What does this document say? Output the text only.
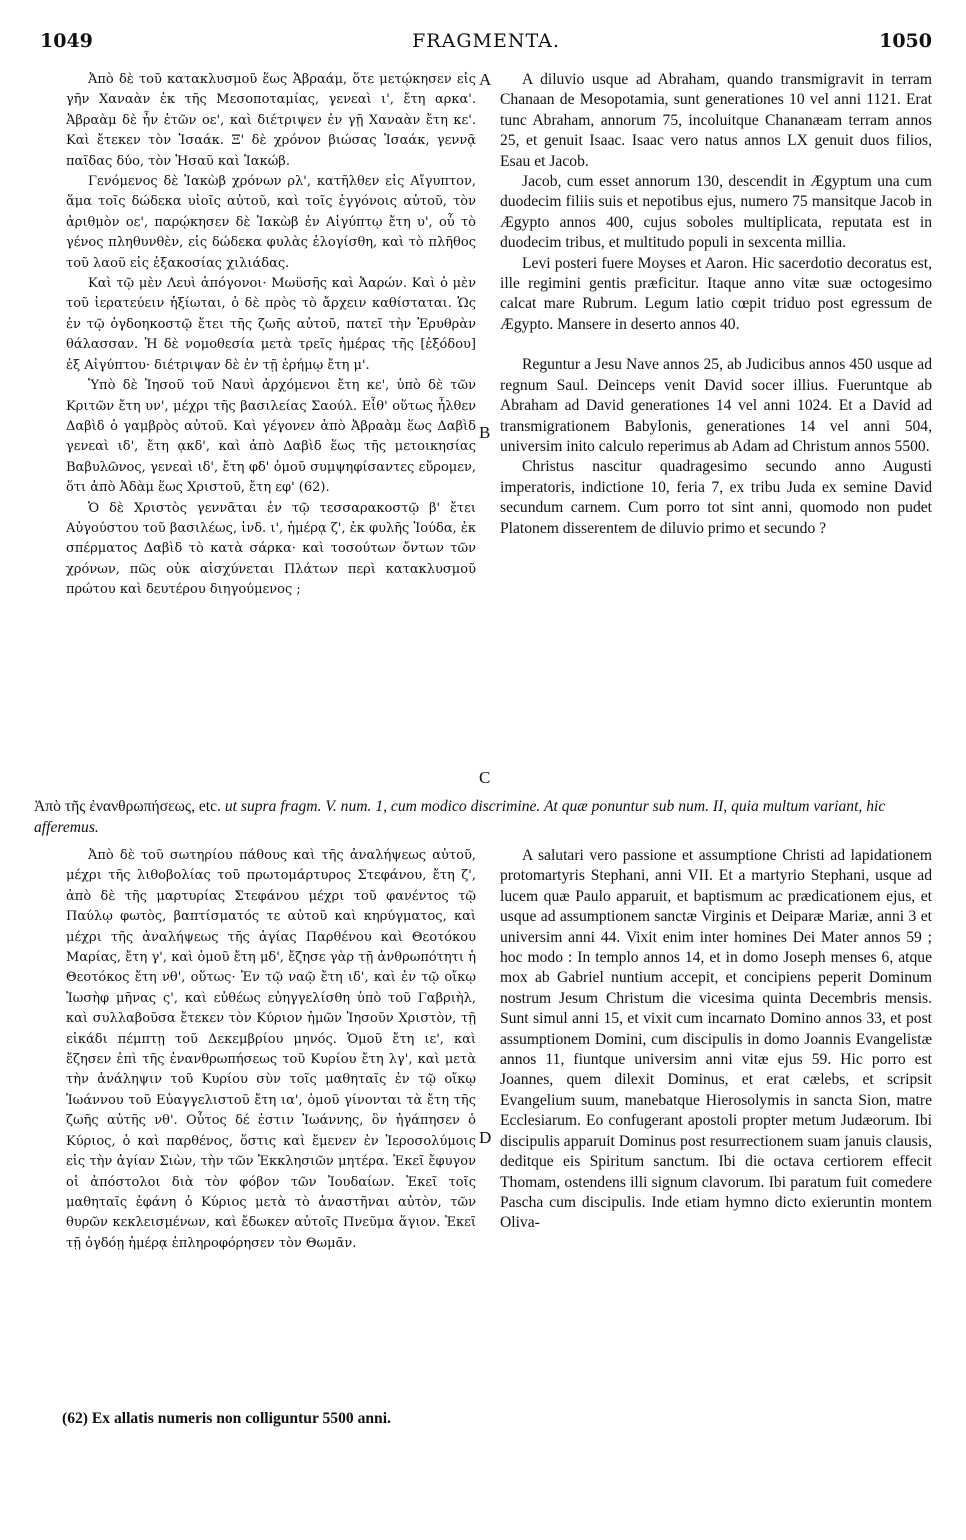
1049	FRAGMENTA.	1050

Ἀπὸ δὲ τοῦ κατακλυσμοῦ ἕως Ἀβραάμ, ὅτε μετῴκησεν εἰς γῆν Χαναὰν ἐκ τῆς Μεσοποταμίας, γενεαὶ ι', ἔτη αρκα'. Ἀβραὰμ δὲ ἦν ἐτῶν οε', καὶ διέτριψεν ἐν γῇ Χαναὰν ἔτη κε'. Καὶ ἔτεκεν τὸν Ἰσαάκ. Ξ' δὲ χρόνον βιώσας Ἰσαάκ, γεννᾷ παῖδας δύο, τὸν Ἡσαῦ καὶ Ἰακώβ.

Γενόμενος δὲ Ἰακὼβ χρόνων ρλ', κατῆλθεν εἰς Αἴγυπτον, ἅμα τοῖς δώδεκα υἱοῖς αὐτοῦ, καὶ τοῖς ἐγγόνοις αὐτοῦ, τὸν ἀριθμὸν οε', παρῴκησεν δὲ Ἰακὼβ ἐν Αἰγύπτῳ ἔτη υ', οὗ τὸ γένος πληθυνθὲν, εἰς δώδεκα φυλὰς ἐλογίσθη, καὶ τὸ πλῆθος τοῦ λαοῦ εἰς ἑξακοσίας χιλιάδας.

Καὶ τῷ μὲν Λευὶ ἀπόγονοι· Μωϋσῆς καὶ Ἀαρών. Καὶ ὁ μὲν τοῦ ἱερατεύειν ἠξίωται, ὁ δὲ πρὸς τὸ ἄρχειν καθίσταται. Ὡς ἐν τῷ ὀγδοηκοστῷ ἔτει τῆς ζωῆς αὐτοῦ, πατεῖ τὴν Ἐρυθρὰν θάλασσαν. Ἡ δὲ νομοθεσία μετὰ τρεῖς ἡμέρας τῆς [ἐξόδου] ἐξ Αἰγύπτου· διέτριψαν δὲ ἐν τῇ ἐρήμῳ ἔτη μ'.

Ὑπὸ δὲ Ἰησοῦ τοῦ Ναυὶ ἀρχόμενοι ἔτη κε', ὑπὸ δὲ τῶν Κριτῶν ἔτη υν', μέχρι τῆς βασιλείας Σαούλ. Εἶθ' οὕτως ἦλθεν Δαβὶδ ὁ γαμβρὸς αὐτοῦ. Καὶ γέγονεν ἀπὸ Ἀβραὰμ ἕως Δαβὶδ γενεαὶ ιδ', ἔτη ᾳκδ', καὶ ἀπὸ Δαβὶδ ἕως τῆς μετοικησίας Βαβυλῶνος, γενεαὶ ιδ', ἔτη φδ' ὁμοῦ συμψηφίσαντες εὕρομεν, ὅτι ἀπὸ Ἀδὰμ ἕως Χριστοῦ, ἔτη εφ' (62).

Ὁ δὲ Χριστὸς γεννᾶται ἐν τῷ τεσσαρακοστῷ β' ἔτει Αὐγούστου τοῦ βασιλέως, ἰνδ. ι', ἡμέρᾳ ζ', ἐκ φυλῆς Ἰούδα, ἐκ σπέρματος Δαβὶδ τὸ κατὰ σάρκα· καὶ τοσούτων ὄντων τῶν χρόνων, πῶς οὐκ αἰσχύνεται Πλάτων περὶ κατακλυσμοῦ πρώτου καὶ δευτέρου διηγούμενος ;

A diluvio usque ad Abraham, quando transmigravit in terram Chanaan de Mesopotamia, sunt generationes 10 vel anni 1121. Erat tunc Abraham, annorum 75, incoluitque Chananæam terram annos 25, et genuit Isaac. Isaac vero natus annos LX genuit duos filios, Esau et Jacob.

Jacob, cum esset annorum 130, descendit in Ægyptum una cum duodecim filiis suis et nepotibus ejus, numero 75 mansitque Jacob in Ægypto annos 400, cujus soboles multiplicata, reputata est in duodecim tribus, et multitudo populi in sexcenta millia.

Levi posteri fuere Moyses et Aaron. Hic sacerdotio decoratus est, ille regimini gentis præficitur. Itaque anno vitæ suæ octogesimo calcat mare Rubrum. Legum latio cœpit triduo post egressum de Ægypto. Mansere in deserto annos 40.

Reguntur a Jesu Nave annos 25, ab Judicibus annos 450 usque ad regnum Saul. Deinceps venit David socer illius. Fueruntque ab Abraham ad David generationes 14 vel anni 1024. Et a David ad transmigrationem Babylonis, generationes 14 vel anni 504, universim inito calculo reperimus ab Adam ad Christum annos 5500.

Christus nascitur quadragesimo secundo anno Augusti imperatoris, indictione 10, feria 7, ex tribu Juda ex semine David secundum carnem. Cum porro tot sint anni, quomodo non pudet Platonem disserentem de diluvio primo et secundo ?

A
B
C
D
Ἀπὸ τῆς ἐνανθρωπήσεως, etc. ut supra fragm. V. num. 1, cum modico discrimine. At quæ ponuntur sub num. II, quia multum variant, hic afferemus.

Ἀπὸ δὲ τοῦ σωτηρίου πάθους καὶ τῆς ἀναλήψεως αὐτοῦ, μέχρι τῆς λιθοβολίας τοῦ πρωτομάρτυρος Στεφάνου, ἔτη ζ', ἀπὸ δὲ τῆς μαρτυρίας Στεφάνου μέχρι τοῦ φανέντος τῷ Παύλῳ φωτὸς, βαπτίσματός τε αὐτοῦ καὶ κηρύγματος, καὶ μέχρι τῆς ἀναλήψεως τῆς ἁγίας Παρθένου καὶ Θεοτόκου Μαρίας, ἔτη γ', καὶ ὁμοῦ ἔτη μδ', ἔζησε γὰρ τῇ ἀνθρωπότητι ἡ Θεοτόκος ἔτη νθ', οὕτως· Ἐν τῷ ναῷ ἔτη ιδ', καὶ ἐν τῷ οἴκῳ Ἰωσὴφ μῆνας ς', καὶ εὐθέως εὐηγγελίσθη ὑπὸ τοῦ Γαβριὴλ, καὶ συλλαβοῦσα ἔτεκεν τὸν Κύριον ἡμῶν Ἰησοῦν Χριστὸν, τῇ εἰκάδι πέμπτῃ τοῦ Δεκεμβρίου μηνός. Ὁμοῦ ἔτη ιε', καὶ ἔζησεν ἐπὶ τῆς ἐνανθρωπήσεως τοῦ Κυρίου ἔτη λγ', καὶ μετὰ τὴν ἀνάληψιν τοῦ Κυρίου σὺν τοῖς μαθηταῖς ἐν τῷ οἴκῳ Ἰωάννου τοῦ Εὐαγγελιστοῦ ἔτη ια', ὁμοῦ γίνονται τὰ ἔτη τῆς ζωῆς αὐτῆς νθ'. Οὗτος δέ ἐστιν Ἰωάννης, ὃν ἠγάπησεν ὁ Κύριος, ὁ καὶ παρθένος, ὅστις καὶ ἔμενεν ἐν Ἱεροσολύμοις εἰς τὴν ἁγίαν Σιὼν, τὴν τῶν Ἐκκλησιῶν μητέρα. Ἐκεῖ ἔφυγον οἱ ἀπόστολοι διὰ τὸν φόβον τῶν Ἰουδαίων. Ἐκεῖ τοῖς μαθηταῖς ἐφάνη ὁ Κύριος μετὰ τὸ ἀναστῆναι αὐτὸν, τῶν θυρῶν κεκλεισμένων, καὶ ἔδωκεν αὐτοῖς Πνεῦμα ἅγιον. Ἐκεῖ τῇ ὀγδόῃ ἡμέρᾳ ἐπληροφόρησεν τὸν Θωμᾶν.

A salutari vero passione et assumptione Christi ad lapidationem protomartyris Stephani, anni VII. Et a martyrio Stephani, usque ad lucem quæ Paulo apparuit, et baptismum ac prædicationem ejus, et usque ad assumptionem sanctæ Virginis et Deiparæ Mariæ, anni 3 et universim anni 44. Vixit enim inter homines Dei Mater annos 59 ; hoc modo : In templo annos 14, et in domo Joseph menses 6, atque mox ab Gabriel nuntium accepit, et concipiens peperit Dominum nostrum Jesum Christum die vicesima quinta Decembris mensis. Sunt simul anni 15, et vixit cum incarnato Domino annos 33, et post assumptionem Domini, cum discipulis in domo Joannis Evangelistæ annos 11, fiuntque universim anni vitæ ejus 59. Hic porro est Joannes, quem dilexit Dominus, et erat cælebs, et scripsit Evangelium suum, manebatque Hierosolymis in sancta Sion, matre Ecclesiarum. Eo confugerant apostoli propter metum Judæorum. Ibi discipulis apparuit Dominus post resurrectionem suam januis clausis, deditque eis Spiritum sanctum. Ibi die octava certiorem effecit Thomam, ostendens illi signum clavorum. Ibi paratum fuit comedere Pascha cum discipulis. Inde etiam hymno dicto exieruntin montem Oliva-

(62) Ex allatis numeris non colliguntur 5500 anni.
